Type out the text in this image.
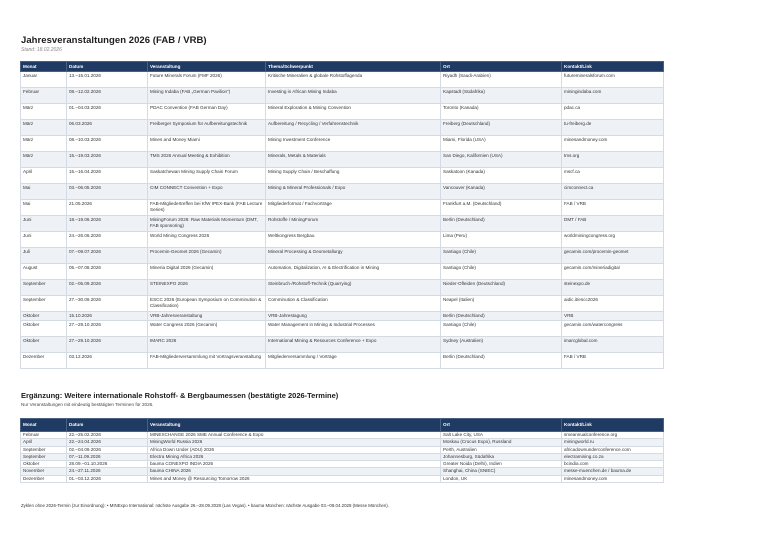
Jahresveranstaltungen 2026 (FAB / VRB)
Stand: 18.02.2026
Monat	Datum	Veranstaltung	Thema/Schwerpunkt	Ort	Kontakt/Link
Januar	13.–15.01.2026	Future Minerals Forum (FMF 2026)	Kritische Mineralien & globale Rohstoffagenda	Riyadh (Saudi-Arabien)	futuremineralsforum.com
Februar	08.–12.02.2026	Mining Indaba (FAB „German Pavilion“)	Investing in African Mining Indaba	Kapstadt (Südafrika)	miningindaba.com
März	01.–04.03.2026	PDAC Convention (FAB German Day)	Mineral Exploration & Mining Convention	Toronto (Kanada)	pdac.ca
März	06.03.2026	Freiberger Symposium für Aufbereitungstechnik	Aufbereitung / Recycling / Verfahrenstechnik	Freiberg (Deutschland)	tu-freiberg.de
März	08.–10.03.2026	Mines and Money Miami	Mining Investment Conference	Miami, Florida (USA)	minesandmoney.com
März	15.–19.03.2026	TMS 2026 Annual Meeting & Exhibition	Minerals, Metals & Materials	San Diego, Kalifornien (USA)	tms.org
April	15.–16.04.2026	Saskatchewan Mining Supply Chain Forum	Mining Supply Chain / Beschaffung	Saskatoon (Kanada)	mscf.ca
Mai	03.–06.05.2026	CIM CONNECT Convention + Expo	Mining & Mineral Professionals / Expo	Vancouver (Kanada)	cimconnect.ca
Mai	21.05.2026	FAB-Mitgliedertreffen bei KfW IPEX-Bank (FAB Lecture Series)	Mitgliederformat / Fachvorträge	Frankfurt a.M. (Deutschland)	FAB / VRB
Juni	18.–19.06.2026	MiningForum 2026: Raw Materials Momentum (DMT, FAB sponsoring)	Rohstoffe / MiningForum	Berlin (Deutschland)	DMT / FAB
Juni	24.–26.06.2026	World Mining Congress 2026	Weltkongress Bergbau	Lima (Peru)	worldminingcongress.org
Juli	07.–09.07.2026	Procemin-Geomet 2026 (Gecamin)	Mineral Processing & Geometallurgy	Santiago (Chile)	gecamin.com/procemin-geomet
August	05.–07.08.2026	Mineria Digital 2026 (Gecamin)	Automation, Digitalization, AI & Electrification in Mining	Santiago (Chile)	gecamin.com/mineriadigital
September	02.–05.09.2026	STEINEXPO 2026	Steinbruch-/Rohstoff-Technik (Quarrying)	Nieder-Ofleiden (Deutschland)	steinexpo.de
September	27.–30.09.2026	ESCC 2026 (European Symposium on Comminution & Classification)	Comminution & Classification	Neapel (Italien)	aidic.it/escc2026
Oktober	15.10.2026	VRB-Jahresveranstaltung	VRB-Jahrestagung	Berlin (Deutschland)	VRB
Oktober	27.–29.10.2026	Water Congress 2026 (Gecamin)	Water Management in Mining & Industrial Processes	Santiago (Chile)	gecamin.com/watercongress
Oktober	27.–29.10.2026	IMARC 2026	International Mining & Resources Conference + Expo	Sydney (Australien)	imarcglobal.com
Dezember	03.12.2026	FAB-Mitgliederversammlung mit Vortragsveranstaltung	Mitgliederversammlung / Vorträge	Berlin (Deutschland)	FAB / VRB
Ergänzung: Weitere internationale Rohstoff- & Bergbaumessen (bestätigte 2026-Termine)
Nur Veranstaltungen mit eindeutig bestätigten Terminen für 2026.
Monat	Datum	Veranstaltung	Ort	Kontakt/Link
Februar	22.–25.02.2026	MINEXCHANGE 2026 SME Annual Conference & Expo	Salt Lake City, USA	smeannualconference.org
April	22.–24.04.2026	MiningWorld Russia 2026	Moskau (Crocus Expo), Russland	miningworld.ru
September	02.–04.09.2026	Africa Down Under (ADU) 2026	Perth, Australien	africadownunderconference.com
September	07.–11.09.2026	Electra Mining Africa 2026	Johannesburg, Südafrika	electramining.co.za
Oktober	28.09.–01.10.2026	bauma CONEXPO INDIA 2026	Greater Noida (Delhi), Indien	bcindia.com
November	24.–27.11.2026	bauma CHINA 2026	Shanghai, China (SNIEC)	messe-muenchen.de / bauma.de
Dezember	01.–03.12.2026	Mines and Money @ Resourcing Tomorrow 2026	London, UK	minesandmoney.com
Zyklen ohne 2026-Termin (zur Einordnung): • MINExpo International: nächste Ausgabe 26.–28.09.2028 (Las Vegas). • bauma München: nächste Ausgabe 03.–09.04.2028 (Messe München).
